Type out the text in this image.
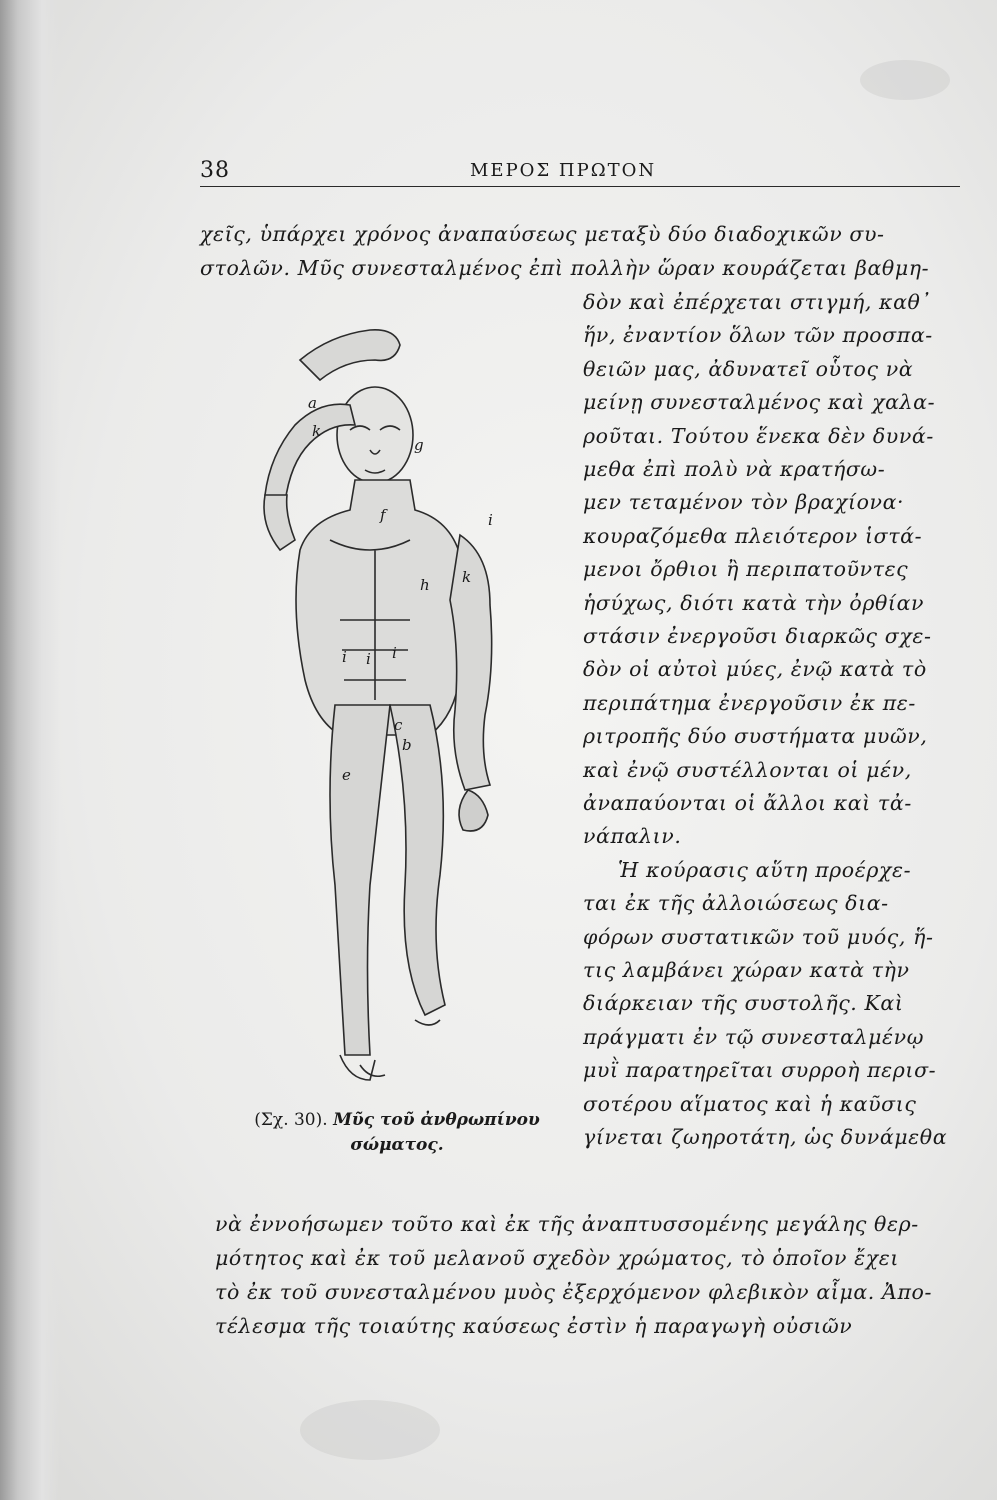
38	ΜΕΡΟΣ ΠΡΩΤΟΝ
χεῖς, ὑπάρχει χρόνος ἀναπαύσεως μεταξὺ δύο διαδοχικῶν συ-
στολῶν. Μῦς συνεσταλμένος ἐπὶ πολλὴν ὥραν κουράζεται βαθμη-
δὸν καὶ ἐπέρχεται στιγμή, καθ᾿
ἥν, ἐναντίον ὅλων τῶν προσπα-
θειῶν μας, ἀδυνατεῖ οὗτος νὰ
μείνῃ συνεσταλμένος καὶ χαλα-
ροῦται. Τούτου ἕνεκα δὲν δυνά-
μεθα ἐπὶ πολὺ νὰ κρατήσω-
μεν τεταμένον τὸν βραχίονα·
κουραζόμεθα πλειότερον ἱστά-
μενοι ὄρθιοι ἢ περιπατοῦντες
ἡσύχως, διότι κατὰ τὴν ὀρθίαν
στάσιν ἐνεργοῦσι διαρκῶς σχε-
δὸν οἱ αὐτοὶ μύες, ἐνῷ κατὰ τὸ
περιπάτημα ἐνεργοῦσιν ἐκ πε-
ριτροπῆς δύο συστήματα μυῶν,
καὶ ἐνῷ συστέλλονται οἱ μέν,
ἀναπαύονται οἱ ἄλλοι καὶ τἀ-
νάπαλιν.
Ἡ κούρασις αὕτη προέρχε-
ται ἐκ τῆς ἀλλοιώσεως δια-
φόρων συστατικῶν τοῦ μυός, ἥ-
τις λαμβάνει χώραν κατὰ τὴν
διάρκειαν τῆς συστολῆς. Καὶ
πράγματι ἐν τῷ συνεσταλμένῳ
μυῒ παρατηρεῖται συρροὴ περισ-
σοτέρου αἵματος καὶ ἡ καῦσις
γίνεται ζωηροτάτη, ὡς δυνάμεθα
νὰ ἐννοήσωμεν τοῦτο καὶ ἐκ τῆς ἀναπτυσσομένης μεγάλης θερ-
μότητος καὶ ἐκ τοῦ μελανοῦ σχεδὸν χρώματος, τὸ ὁποῖον ἔχει
τὸ ἐκ τοῦ συνεσταλμένου μυὸς ἐξερχόμενον φλεβικὸν αἷμα. Ἀπο-
τέλεσμα τῆς τοιαύτης καύσεως ἐστὶν ἡ παραγωγὴ οὐσιῶν
a
k
g
f	i
h k
i i i
c
b
e
(Σχ. 30). Μῦς τοῦ ἀνθρωπίνου
σώματος.
